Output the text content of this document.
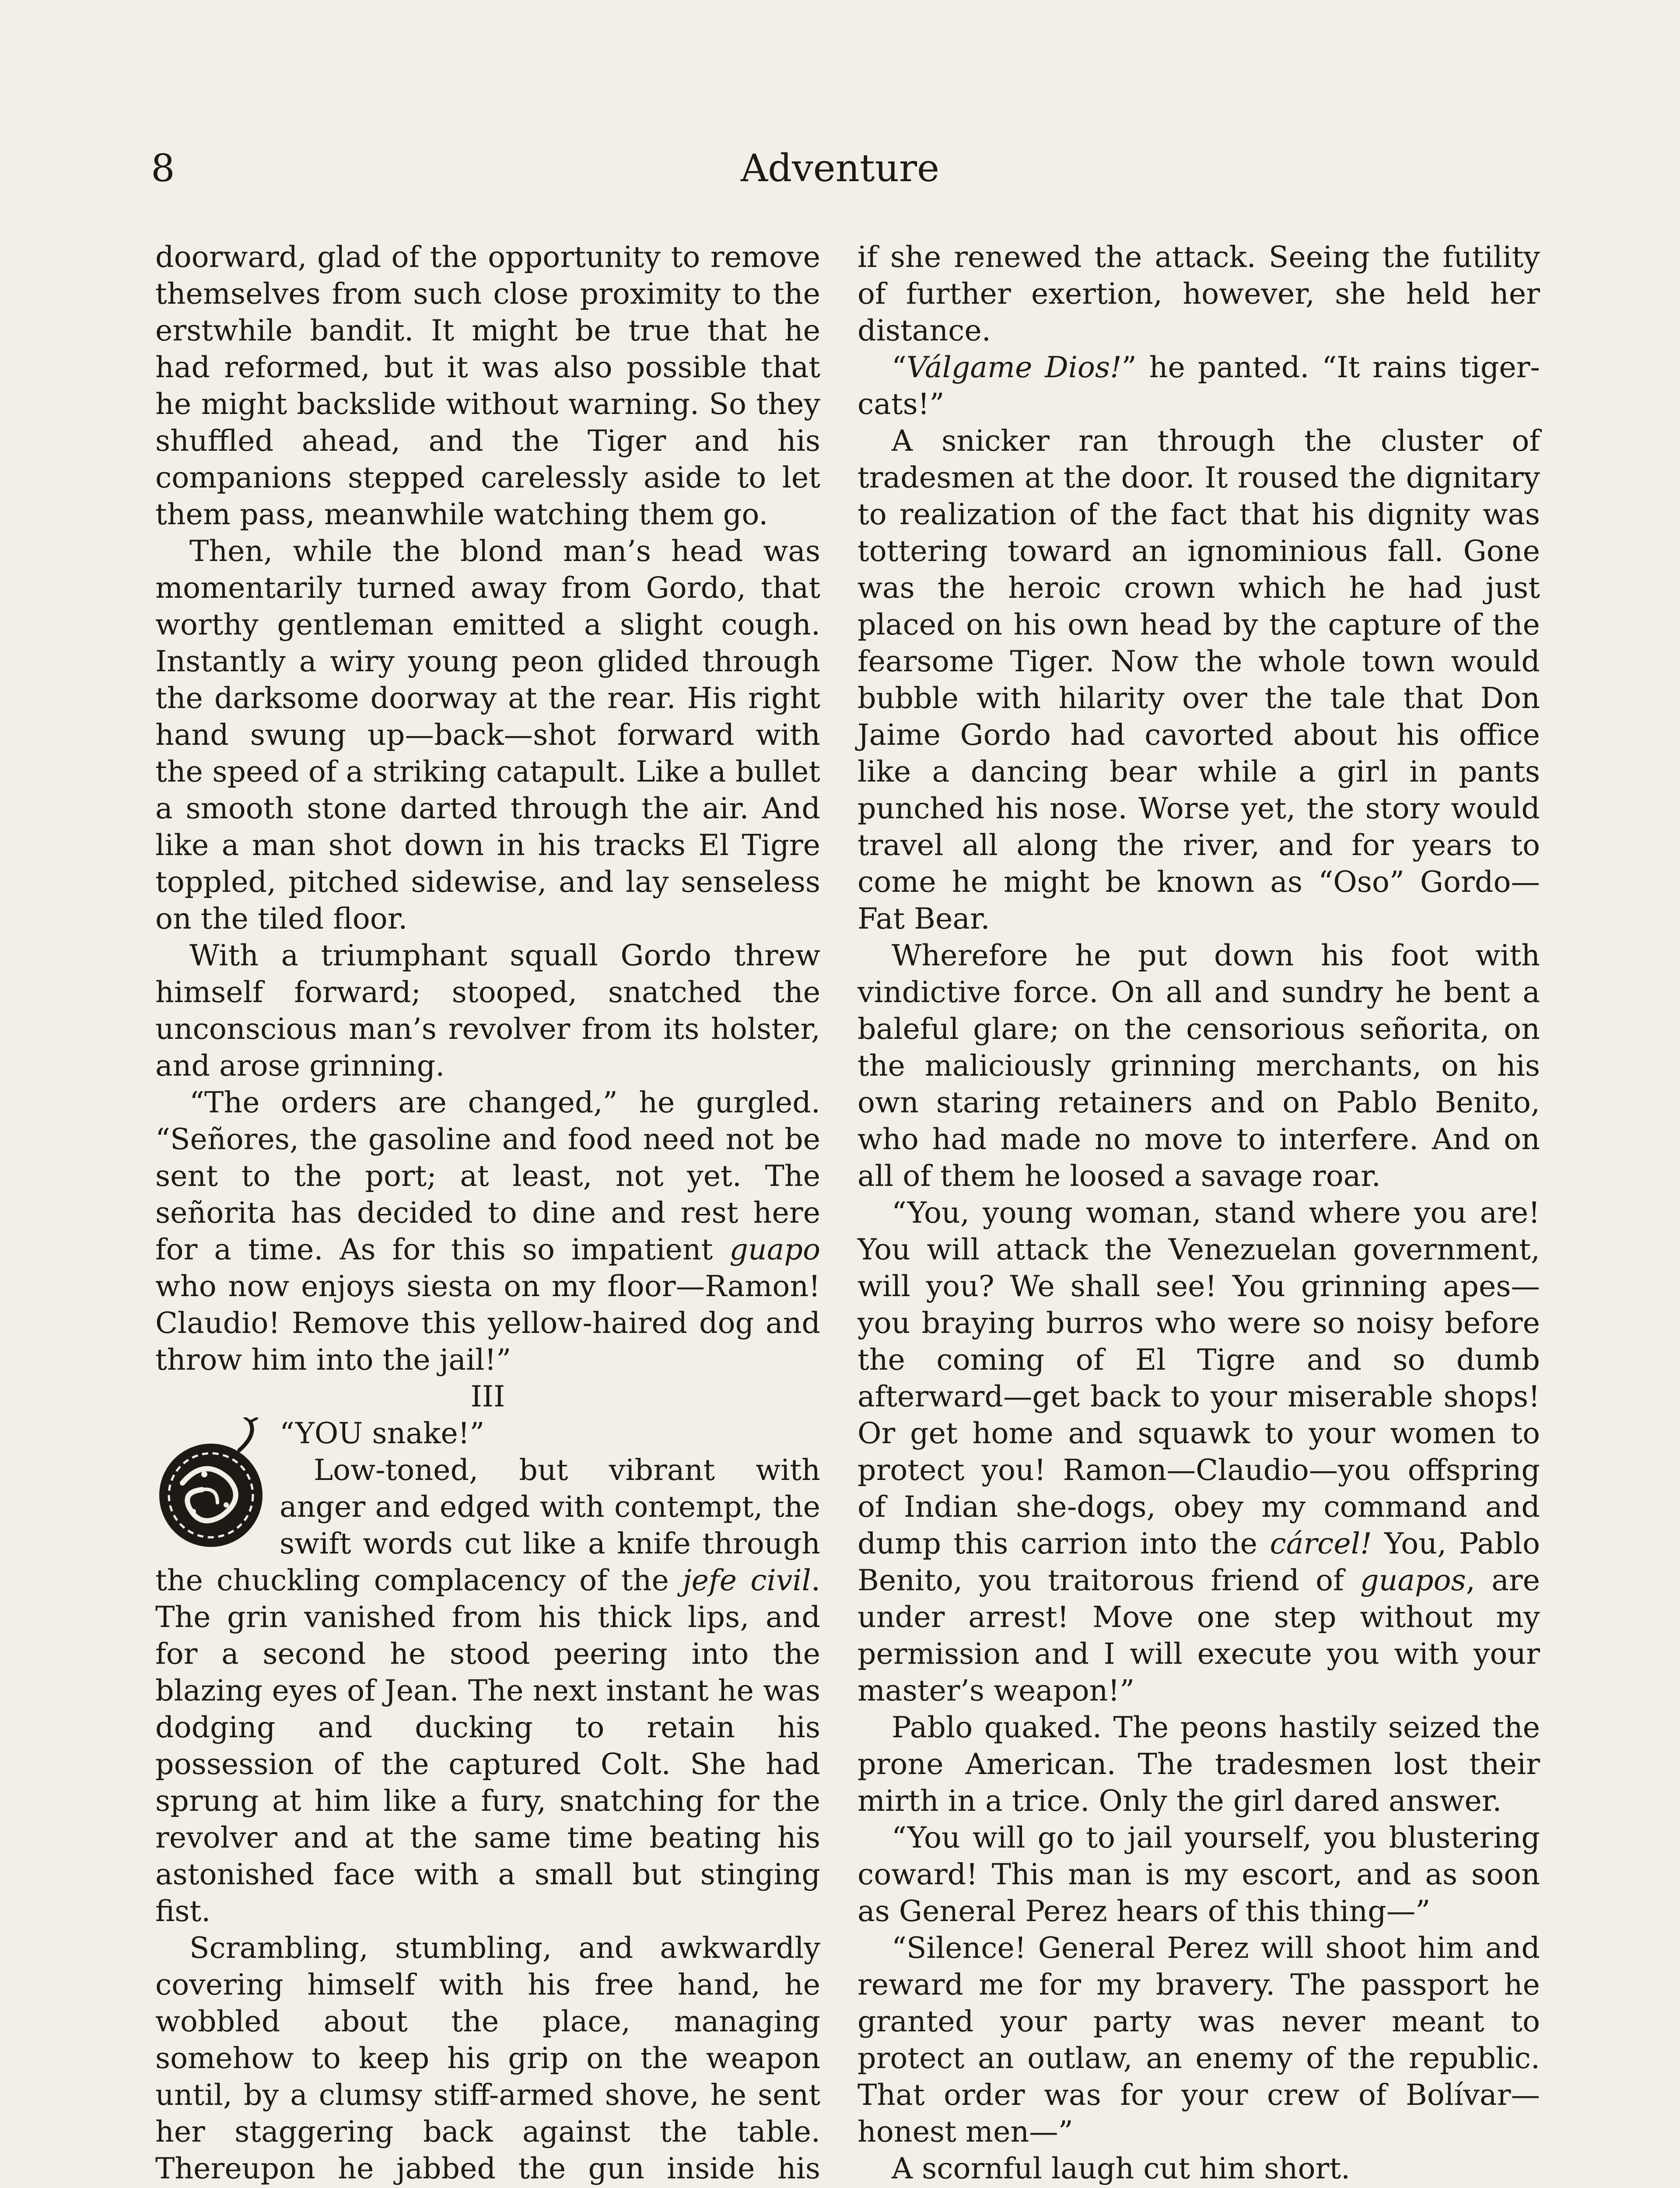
8	Adventure

doorward, glad of the opportunity to remove themselves from such close proximity to the erstwhile bandit. It might be true that he had reformed, but it was also possible that he might backslide without warning. So they shuffled ahead, and the Tiger and his companions stepped carelessly aside to let them pass, meanwhile watching them go.

Then, while the blond man’s head was momentarily turned away from Gordo, that worthy gentleman emitted a slight cough. Instantly a wiry young peon glided through the darksome doorway at the rear. His right hand swung up—back—shot forward with the speed of a striking catapult. Like a bullet a smooth stone darted through the air. And like a man shot down in his tracks El Tigre toppled, pitched sidewise, and lay senseless on the tiled floor.

With a triumphant squall Gordo threw himself forward; stooped, snatched the unconscious man’s revolver from its holster, and arose grinning.

“The orders are changed,” he gurgled. “Señores, the gasoline and food need not be sent to the port; at least, not yet. The señorita has decided to dine and rest here for a time. As for this so impatient guapo who now enjoys siesta on my floor—Ramon! Claudio! Remove this yellow-haired dog and throw him into the jail!”

III

“YOU snake!”

Low-toned, but vibrant with anger and edged with contempt, the swift words cut like a knife through the chuckling complacency of the jefe civil. The grin vanished from his thick lips, and for a second he stood peering into the blazing eyes of Jean. The next instant he was dodging and ducking to retain his possession of the captured Colt. She had sprung at him like a fury, snatching for the revolver and at the same time beating his astonished face with a small but stinging fist.

Scrambling, stumbling, and awkwardly covering himself with his free hand, he wobbled about the place, managing somehow to keep his grip on the weapon until, by a clumsy stiff-armed shove, he sent her staggering back against the table. Thereupon he jabbed the gun inside his

if she renewed the attack. Seeing the futility of further exertion, however, she held her distance.

“Válgame Dios!” he panted. “It rains tiger-cats!”

A snicker ran through the cluster of tradesmen at the door. It roused the dignitary to realization of the fact that his dignity was tottering toward an ignominious fall. Gone was the heroic crown which he had just placed on his own head by the capture of the fearsome Tiger. Now the whole town would bubble with hilarity over the tale that Don Jaime Gordo had cavorted about his office like a dancing bear while a girl in pants punched his nose. Worse yet, the story would travel all along the river, and for years to come he might be known as “Oso” Gordo—Fat Bear.

Wherefore he put down his foot with vindictive force. On all and sundry he bent a baleful glare; on the censorious señorita, on the maliciously grinning merchants, on his own staring retainers and on Pablo Benito, who had made no move to interfere. And on all of them he loosed a savage roar.

“You, young woman, stand where you are! You will attack the Venezuelan government, will you? We shall see! You grinning apes—you braying burros who were so noisy before the coming of El Tigre and so dumb afterward—get back to your miserable shops! Or get home and squawk to your women to protect you! Ramon—Claudio—you offspring of Indian she-dogs, obey my command and dump this carrion into the cárcel! You, Pablo Benito, you traitorous friend of guapos, are under arrest! Move one step without my permission and I will execute you with your master’s weapon!”

Pablo quaked. The peons hastily seized the prone American. The tradesmen lost their mirth in a trice. Only the girl dared answer.

“You will go to jail yourself, you blustering coward! This man is my escort, and as soon as General Perez hears of this thing—”

“Silence! General Perez will shoot him and reward me for my bravery. The passport he granted your party was never meant to protect an outlaw, an enemy of the republic. That order was for your crew of Bolívar—honest men—”

A scornful laugh cut him short.
